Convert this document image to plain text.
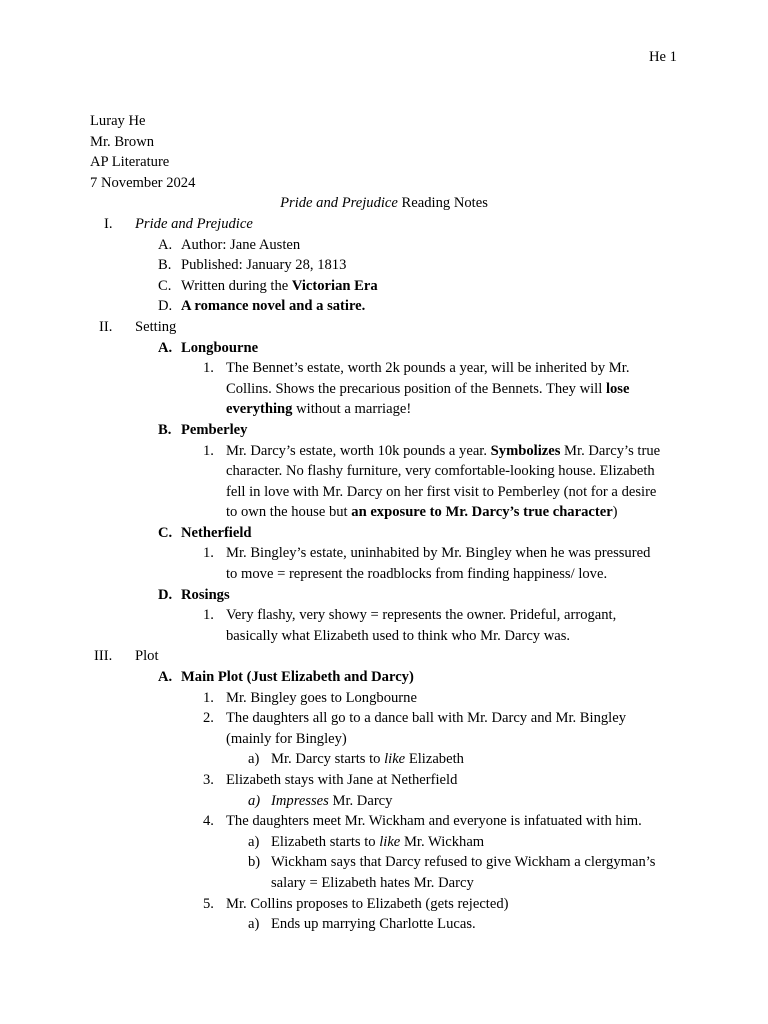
He 1
Luray He
Mr. Brown
AP Literature
7 November 2024
Pride and Prejudice Reading Notes
I. Pride and Prejudice
A. Author: Jane Austen
B. Published: January 28, 1813
C. Written during the Victorian Era
D. A romance novel and a satire.
II. Setting
A. Longbourne
1. The Bennet’s estate, worth 2k pounds a year, will be inherited by Mr.
Collins. Shows the precarious position of the Bennets. They will lose
everything without a marriage!
B. Pemberley
1. Mr. Darcy’s estate, worth 10k pounds a year. Symbolizes Mr. Darcy’s true
character. No flashy furniture, very comfortable-looking house. Elizabeth
fell in love with Mr. Darcy on her first visit to Pemberley (not for a desire
to own the house but an exposure to Mr. Darcy’s true character)
C. Netherfield
1. Mr. Bingley’s estate, uninhabited by Mr. Bingley when he was pressured
to move = represent the roadblocks from finding happiness/ love.
D. Rosings
1. Very flashy, very showy = represents the owner. Prideful, arrogant,
basically what Elizabeth used to think who Mr. Darcy was.
III. Plot
A. Main Plot (Just Elizabeth and Darcy)
1. Mr. Bingley goes to Longbourne
2. The daughters all go to a dance ball with Mr. Darcy and Mr. Bingley
(mainly for Bingley)
a) Mr. Darcy starts to like Elizabeth
3. Elizabeth stays with Jane at Netherfield
a) Impresses Mr. Darcy
4. The daughters meet Mr. Wickham and everyone is infatuated with him.
a) Elizabeth starts to like Mr. Wickham
b) Wickham says that Darcy refused to give Wickham a clergyman’s
salary = Elizabeth hates Mr. Darcy
5. Mr. Collins proposes to Elizabeth (gets rejected)
a) Ends up marrying Charlotte Lucas.
